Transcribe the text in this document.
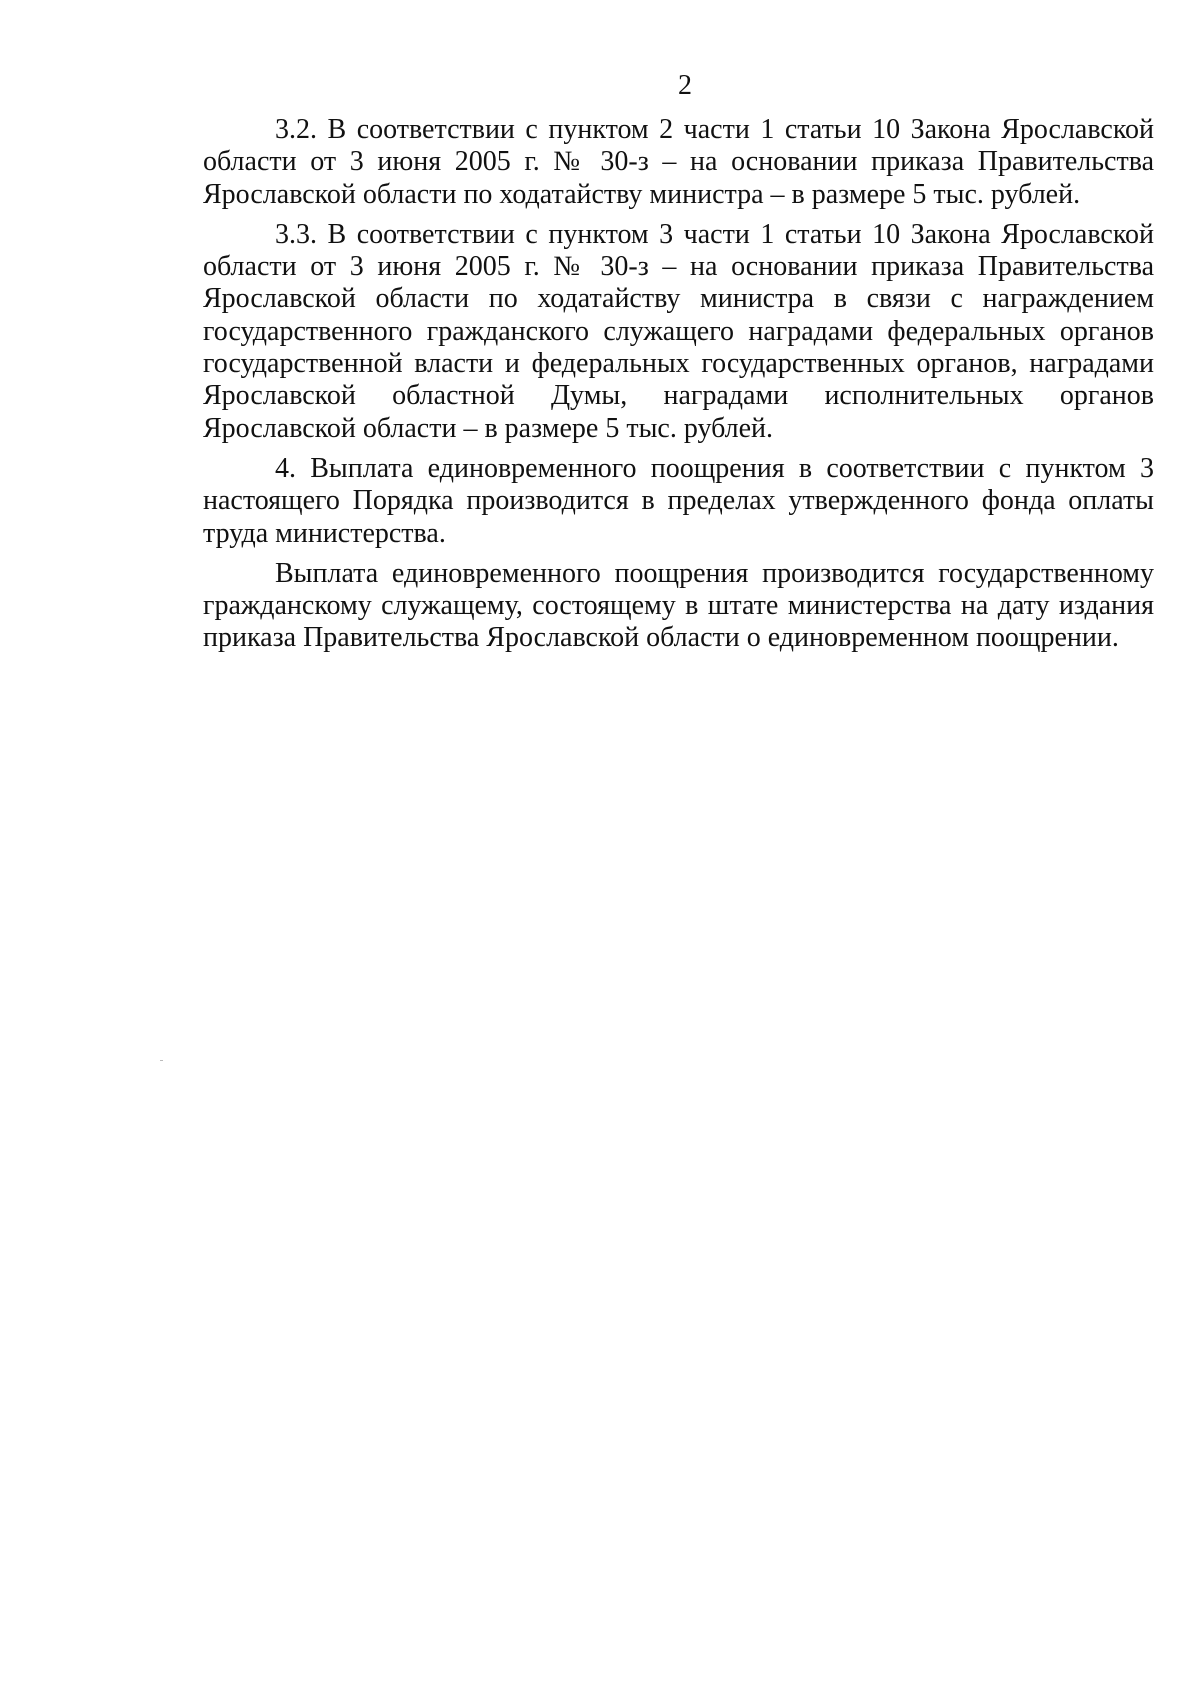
2

3.2. В соответствии с пунктом 2 части 1 статьи 10 Закона Ярославской области от 3 июня 2005 г. № 30-з – на основании приказа Правительства Ярославской области по ходатайству министра – в размере 5 тыс. рублей.

3.3. В соответствии с пунктом 3 части 1 статьи 10 Закона Ярославской области от 3 июня 2005 г. № 30-з – на основании приказа Правительства Ярославской области по ходатайству министра в связи с награждением государственного гражданского служащего наградами федеральных органов государственной власти и федеральных государственных органов, наградами Ярославской областной Думы, наградами исполнительных органов Ярославской области – в размере 5 тыс. рублей.

4. Выплата единовременного поощрения в соответствии с пунктом 3 настоящего Порядка производится в пределах утвержденного фонда оплаты труда министерства.

Выплата единовременного поощрения производится государственному гражданскому служащему, состоящему в штате министерства на дату издания приказа Правительства Ярославской области о единовременном поощрении.
